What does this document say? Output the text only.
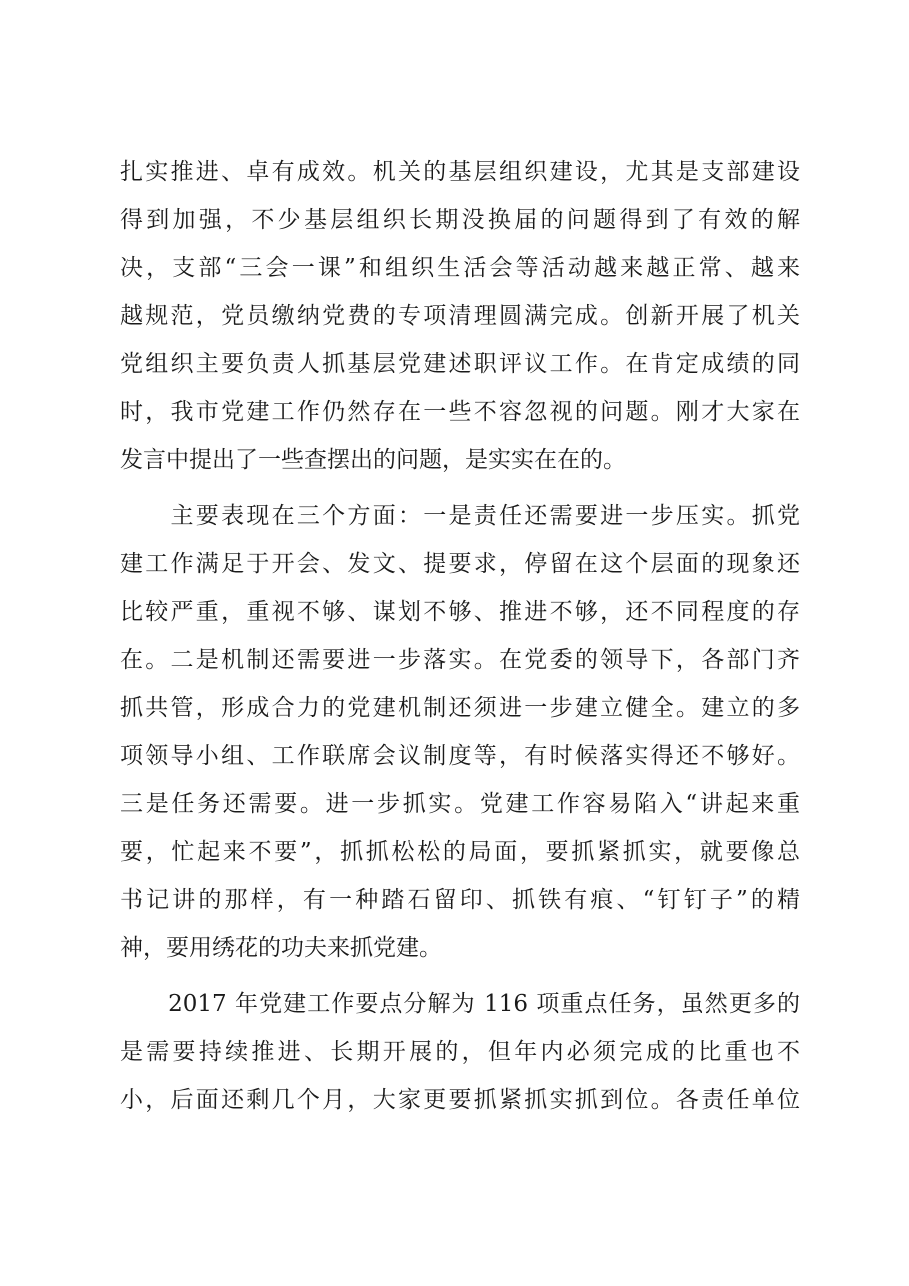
扎实推进、卓有成效。机关的基层组织建设，尤其是支部建设
得到加强，不少基层组织长期没换届的问题得到了有效的解
决，支部“三会一课”和组织生活会等活动越来越正常、越来
越规范，党员缴纳党费的专项清理圆满完成。创新开展了机关
党组织主要负责人抓基层党建述职评议工作。在肯定成绩的同
时，我市党建工作仍然存在一些不容忽视的问题。刚才大家在
发言中提出了一些查摆出的问题，是实实在在的。
　　主要表现在三个方面：一是责任还需要进一步压实。抓党
建工作满足于开会、发文、提要求，停留在这个层面的现象还
比较严重，重视不够、谋划不够、推进不够，还不同程度的存
在。二是机制还需要进一步落实。在党委的领导下，各部门齐
抓共管，形成合力的党建机制还须进一步建立健全。建立的多
项领导小组、工作联席会议制度等，有时候落实得还不够好。
三是任务还需要。进一步抓实。党建工作容易陷入“讲起来重
要，忙起来不要”，抓抓松松的局面，要抓紧抓实，就要像总
书记讲的那样，有一种踏石留印、抓铁有痕、“钉钉子”的精
神，要用绣花的功夫来抓党建。
　　2017 年党建工作要点分解为 116 项重点任务，虽然更多的
是需要持续推进、长期开展的，但年内必须完成的比重也不
小，后面还剩几个月，大家更要抓紧抓实抓到位。各责任单位
